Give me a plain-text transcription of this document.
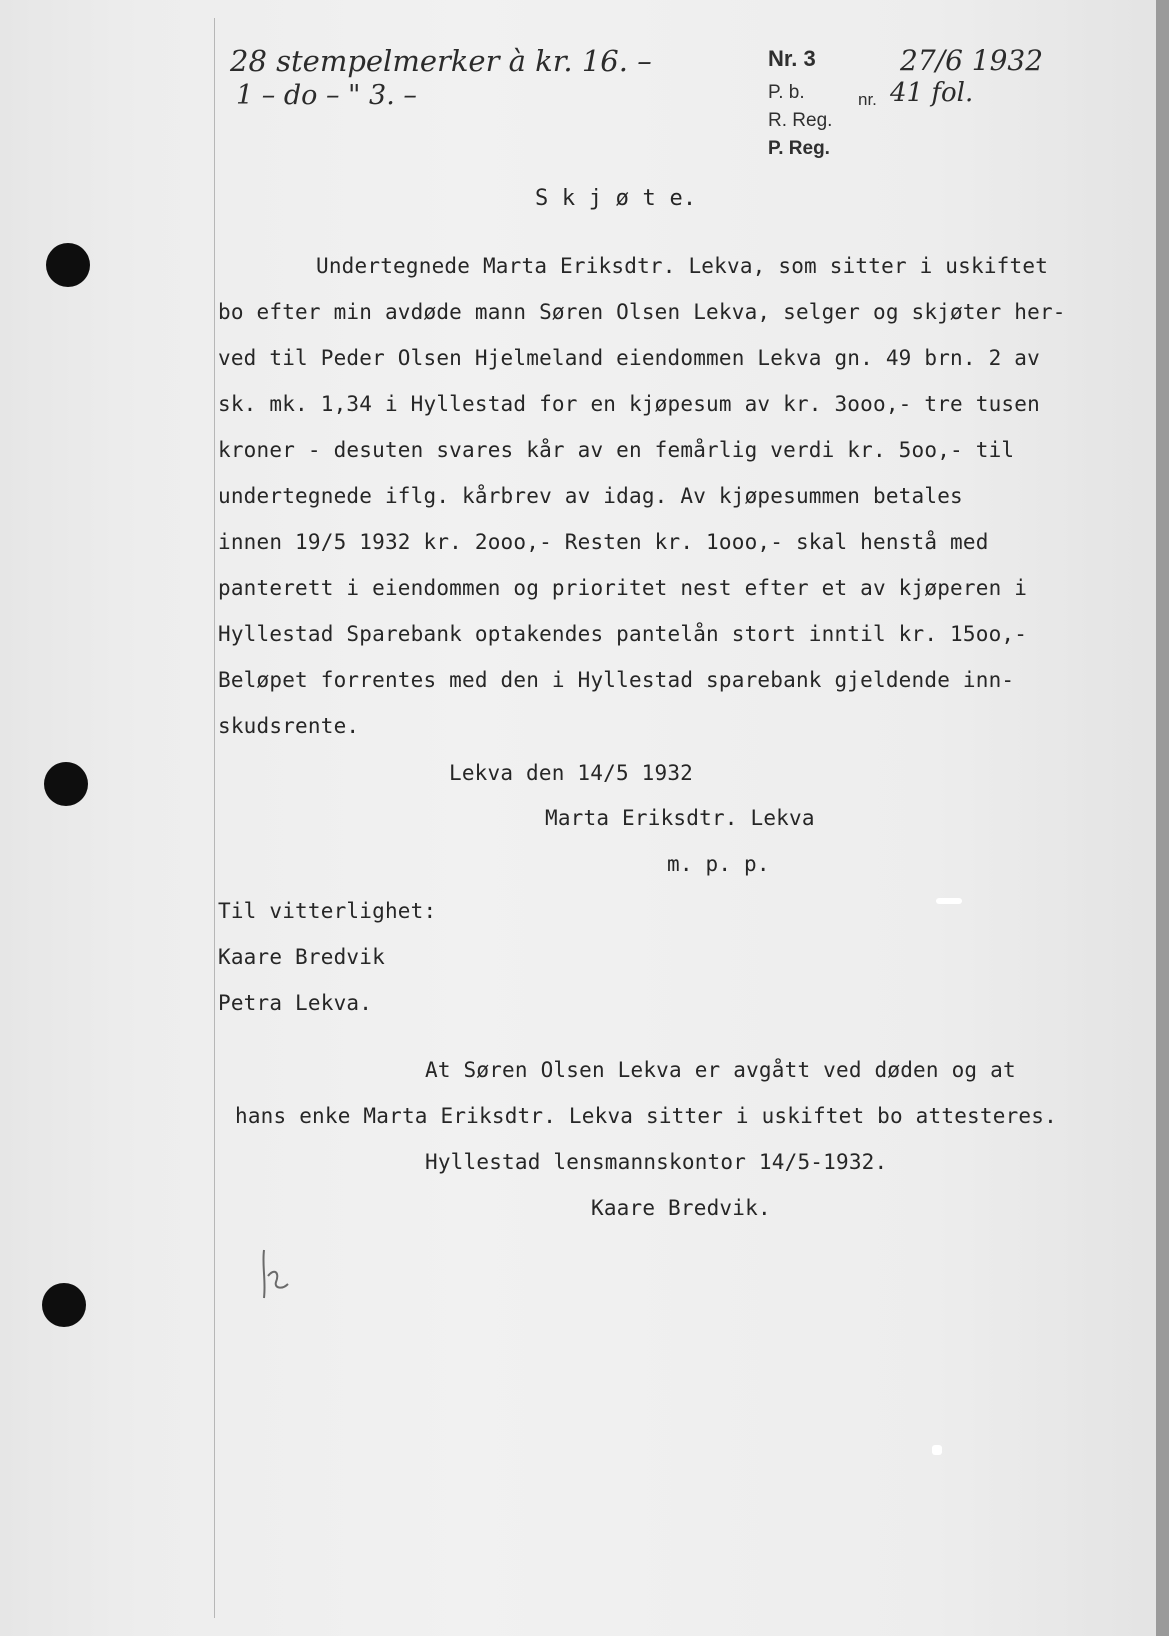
28 stempelmerker à kr. 16. –
1 – do – " 3. –
Nr. 3	27/6 1932
P. b.	nr. 41 fol.
R. Reg.
P. Reg.
S k j ø t e.
Undertegnede Marta Eriksdtr. Lekva, som sitter i uskiftet
bo efter min avdøde mann Søren Olsen Lekva, selger og skjøter her-
ved til Peder Olsen Hjelmeland eiendommen Lekva gn. 49 brn. 2 av
sk. mk. 1,34 i Hyllestad for en kjøpesum av kr. 3ooo,- tre tusen
kroner - desuten svares kår av en femårlig verdi kr. 5oo,- til
undertegnede iflg. kårbrev av idag. Av kjøpesummen betales
innen 19/5 1932 kr. 2ooo,- Resten kr. 1ooo,- skal henstå med
panterett i eiendommen og prioritet nest efter et av kjøperen i
Hyllestad Sparebank optakendes pantelån stort inntil kr. 15oo,-
Beløpet forrentes med den i Hyllestad sparebank gjeldende inn-
skudsrente.
Lekva den 14/5 1932
Marta Eriksdtr. Lekva
m. p. p.
Til vitterlighet:
Kaare Bredvik
Petra Lekva.
At Søren Olsen Lekva er avgått ved døden og at
hans enke Marta Eriksdtr. Lekva sitter i uskiftet bo attesteres.
Hyllestad lensmannskontor 14/5-1932.
Kaare Bredvik.
